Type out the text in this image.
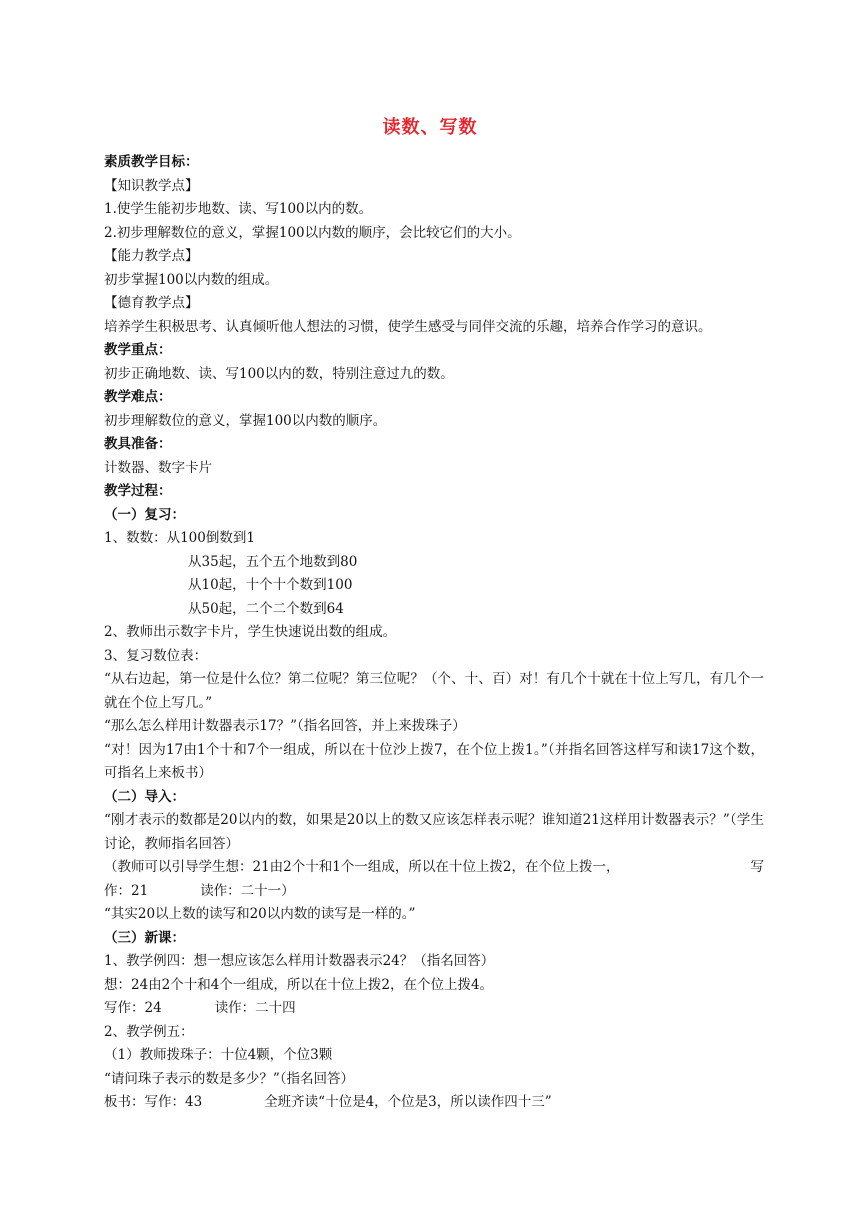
读数、写数
素质教学目标：
【知识教学点】
1.使学生能初步地数、读、写100以内的数。
2.初步理解数位的意义，掌握100以内数的顺序，会比较它们的大小。
【能力教学点】
初步掌握100以内数的组成。
【德育教学点】
培养学生积极思考、认真倾听他人想法的习惯，使学生感受与同伴交流的乐趣，培养合作学习的意识。
教学重点：
初步正确地数、读、写100以内的数，特别注意过九的数。
教学难点：
初步理解数位的意义，掌握100以内数的顺序。
教具准备：
计数器、数字卡片
教学过程：
（一）复习：
1、数数：从100倒数到1
从35起，五个五个地数到80
从10起，十个十个数到100
从50起，二个二个数到64
2、教师出示数字卡片，学生快速说出数的组成。
3、复习数位表：
“从右边起，第一位是什么位？第二位呢？第三位呢？（个、十、百）对！有几个十就在十位上写几，有几个一就在个位上写几。”
“那么怎么样用计数器表示17？”（指名回答，并上来拨珠子）
“对！因为17由1个十和7个一组成，所以在十位沙上拨7，在个位上拨1。”（并指名回答这样写和读17这个数，可指名上来板书）
（二）导入：
“刚才表示的数都是20以内的数，如果是20以上的数又应该怎样表示呢？谁知道21这样用计数器表示？”（学生讨论，教师指名回答）
（教师可以引导学生想：21由2个十和1个一组成，所以在十位上拨2，在个位上拨一，	写
作：21	读作：二十一）
“其实20以上数的读写和20以内数的读写是一样的。”
（三）新课：
1、教学例四：想一想应该怎么样用计数器表示24？（指名回答）
想：24由2个十和4个一组成，所以在十位上拨2，在个位上拨4。
写作：24	读作：二十四
2、教学例五：
（1）教师拨珠子：十位4颗，个位3颗
“请问珠子表示的数是多少？”（指名回答）
板书：写作：43	全班齐读“十位是4，个位是3，所以读作四十三”
